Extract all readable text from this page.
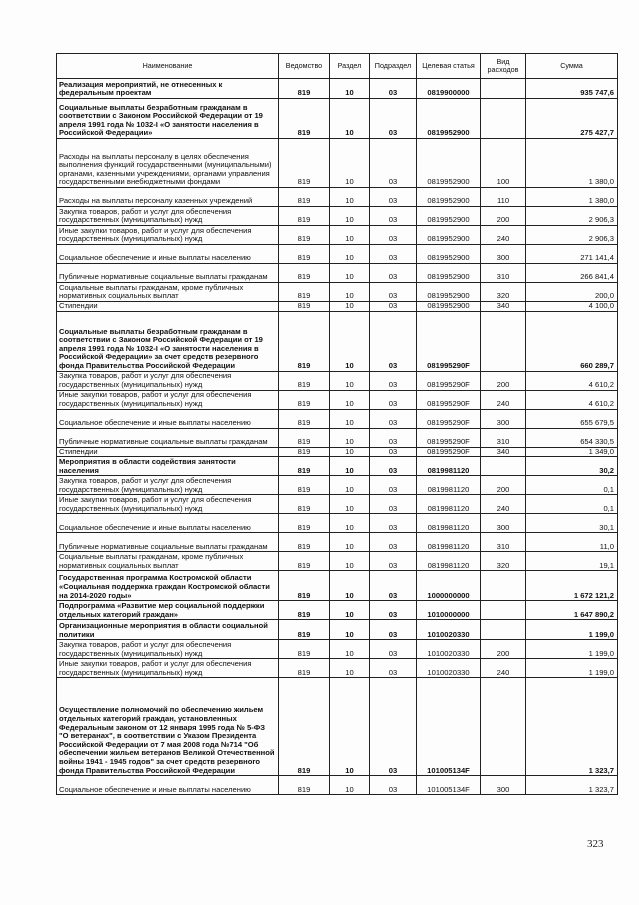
Наименование	Ведомство	Раздел	Подраздел	Целевая статья	Вид расходов	Сумма
Реализация мероприятий, не отнесенных к федеральным проектам	819	10	03	0819900000		935 747,6
Социальные выплаты безработным гражданам в соответствии с Законом Российской Федерации от 19 апреля 1991 года № 1032-I «О занятости населения в Российской Федерации»	819	10	03	0819952900		275 427,7
Расходы на выплаты персоналу в целях обеспечения выполнения функций государственными (муниципальными) органами, казенными учреждениями, органами управления государственными внебюджетными фондами	819	10	03	0819952900	100	1 380,0
Расходы на выплаты персоналу казенных учреждений	819	10	03	0819952900	110	1 380,0
Закупка товаров, работ и услуг для обеспечения государственных (муниципальных) нужд	819	10	03	0819952900	200	2 906,3
Иные закупки товаров, работ и услуг для обеспечения государственных (муниципальных) нужд	819	10	03	0819952900	240	2 906,3
Социальное обеспечение и иные выплаты населению	819	10	03	0819952900	300	271 141,4
Публичные нормативные социальные выплаты гражданам	819	10	03	0819952900	310	266 841,4
Социальные выплаты гражданам, кроме публичных нормативных социальных выплат	819	10	03	0819952900	320	200,0
Стипендии	819	10	03	0819952900	340	4 100,0
Социальные выплаты безработным гражданам в соответствии с Законом Российской Федерации от 19 апреля 1991 года № 1032-I «О занятости населения в Российской Федерации» за счет средств резервного фонда Правительства Российской Федерации	819	10	03	081995290F		660 289,7
Закупка товаров, работ и услуг для обеспечения государственных (муниципальных) нужд	819	10	03	081995290F	200	4 610,2
Иные закупки товаров, работ и услуг для обеспечения государственных (муниципальных) нужд	819	10	03	081995290F	240	4 610,2
Социальное обеспечение и иные выплаты населению	819	10	03	081995290F	300	655 679,5
Публичные нормативные социальные выплаты гражданам	819	10	03	081995290F	310	654 330,5
Стипендии	819	10	03	081995290F	340	1 349,0
Мероприятия в области содействия занятости населения	819	10	03	0819981120		30,2
Закупка товаров, работ и услуг для обеспечения государственных (муниципальных) нужд	819	10	03	0819981120	200	0,1
Иные закупки товаров, работ и услуг для обеспечения государственных (муниципальных) нужд	819	10	03	0819981120	240	0,1
Социальное обеспечение и иные выплаты населению	819	10	03	0819981120	300	30,1
Публичные нормативные социальные выплаты гражданам	819	10	03	0819981120	310	11,0
Социальные выплаты гражданам, кроме публичных нормативных социальных выплат	819	10	03	0819981120	320	19,1
Государственная программа Костромской области «Социальная поддержка граждан Костромской области на 2014-2020 годы»	819	10	03	1000000000		1 672 121,2
Подпрограмма «Развитие мер социальной поддержки отдельных категорий граждан»	819	10	03	1010000000		1 647 890,2
Организационные мероприятия в области социальной политики	819	10	03	1010020330		1 199,0
Закупка товаров, работ и услуг для обеспечения государственных (муниципальных) нужд	819	10	03	1010020330	200	1 199,0
Иные закупки товаров, работ и услуг для обеспечения государственных (муниципальных) нужд	819	10	03	1010020330	240	1 199,0
Осуществление полномочий по обеспечению жильем отдельных категорий граждан, установленных Федеральным законом от 12 января 1995 года № 5-ФЗ "О ветеранах", в соответствии с Указом Президента Российской Федерации от 7 мая 2008 года №714 "Об обеспечении жильем ветеранов Великой Отечественной войны 1941 - 1945 годов" за счет средств резервного фонда Правительства Российской Федерации	819	10	03	101005134F		1 323,7
Социальное обеспечение и иные выплаты населению	819	10	03	101005134F	300	1 323,7
323
